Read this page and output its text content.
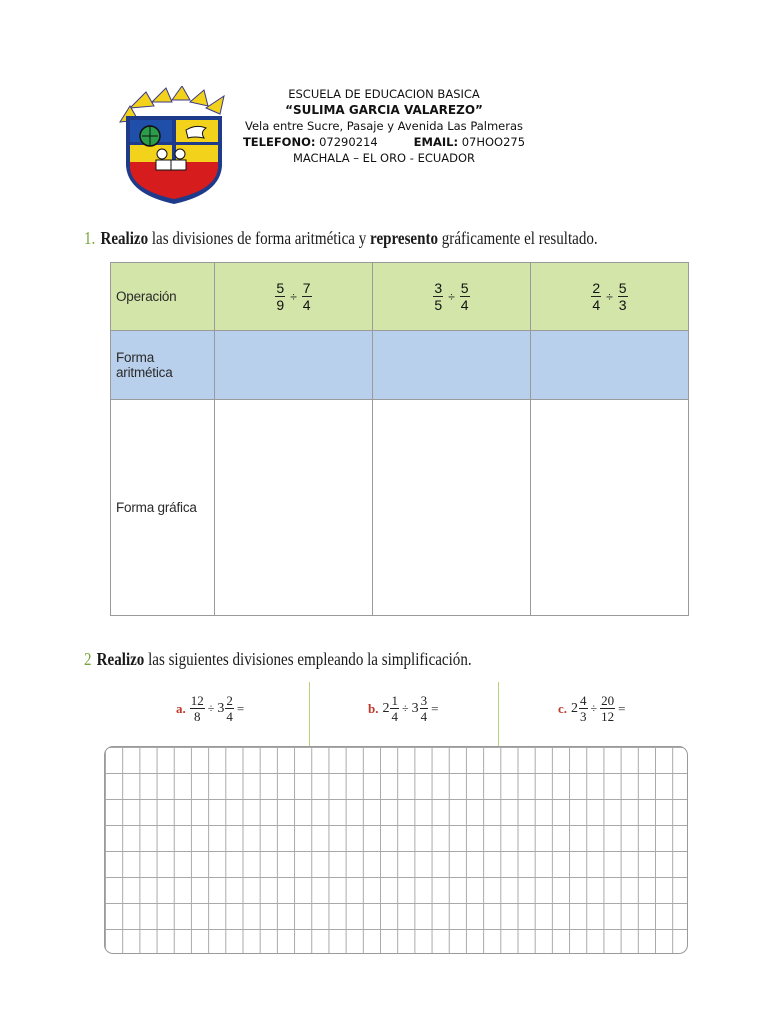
ESCUELA DE EDUCACION BASICA
“SULIMA GARCIA VALAREZO”
Vela entre Sucre, Pasaje y Avenida Las Palmeras
TELEFONO: 07290214	EMAIL: 07HOO275
MACHALA – EL ORO - ECUADOR
1. Realizo las divisiones de forma aritmética y represento gráficamente el resultado.
Operación	$\frac{5}{9} \div \frac{7}{4}$	$\frac{3}{5} \div \frac{5}{4}$	$\frac{2}{4} \div \frac{5}{3}$

Forma aritmética			
Forma gráfica			
2 Realizo las siguientes divisiones empleando la simplificación.
a. $\frac{12}{8} \div 3 \frac{2}{4}$ =	b. $2 \frac{1}{4} \div 3 \frac{3}{4}$ =	c. $2 \frac{4}{3} \div \frac{20}{12}$ =
